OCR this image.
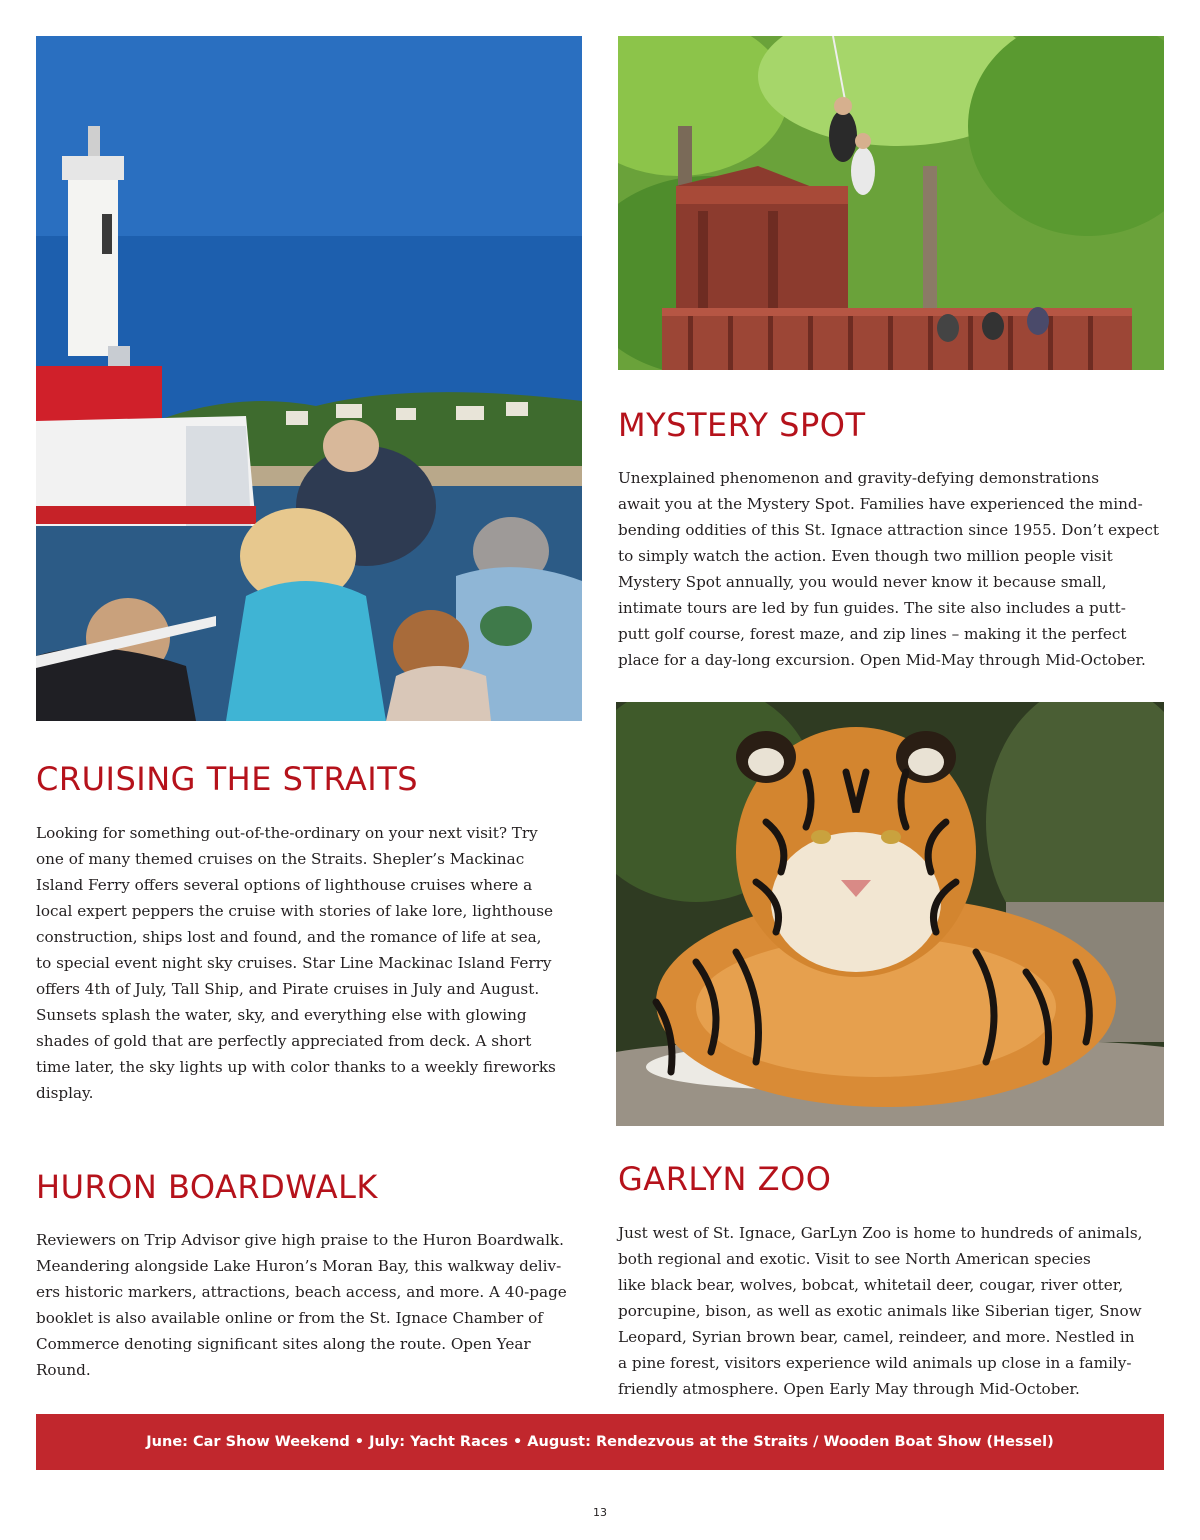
MYSTERY SPOT
Unexplained phenomenon and gravity-defying demonstrations
await you at the Mystery Spot. Families have experienced the mind-
bending oddities of this St. Ignace attraction since 1955. Don’t expect
to simply watch the action. Even though two million people visit
Mystery Spot annually, you would never know it because small,
intimate tours are led by fun guides. The site also includes a putt-
putt golf course, forest maze, and zip lines – making it the perfect
place for a day-long excursion. Open Mid-May through Mid-October.
CRUISING THE STRAITS
Looking for something out-of-the-ordinary on your next visit? Try
one of many themed cruises on the Straits. Shepler’s Mackinac
Island Ferry offers several options of lighthouse cruises where a
local expert peppers the cruise with stories of lake lore, lighthouse
construction, ships lost and found, and the romance of life at sea,
to special event night sky cruises. Star Line Mackinac Island Ferry
offers 4th of July, Tall Ship, and Pirate cruises in July and August.
Sunsets splash the water, sky, and everything else with glowing
shades of gold that are perfectly appreciated from deck. A short
time later, the sky lights up with color thanks to a weekly fireworks
display.
HURON BOARDWALK
Reviewers on Trip Advisor give high praise to the Huron Boardwalk.
Meandering alongside Lake Huron’s Moran Bay, this walkway deliv-
ers historic markers, attractions, beach access, and more. A 40-page
booklet is also available online or from the St. Ignace Chamber of
Commerce denoting significant sites along the route. Open Year
Round.
GARLYN ZOO
Just west of St. Ignace, GarLyn Zoo is home to hundreds of animals,
both regional and exotic. Visit to see North American species
like black bear, wolves, bobcat, whitetail deer, cougar, river otter,
porcupine, bison, as well as exotic animals like Siberian tiger, Snow
Leopard, Syrian brown bear, camel, reindeer, and more. Nestled in
a pine forest, visitors experience wild animals up close in a family-
friendly atmosphere. Open Early May through Mid-October.
June: Car Show Weekend • July: Yacht Races • August: Rendezvous at the Straits / Wooden Boat Show (Hessel)
13
